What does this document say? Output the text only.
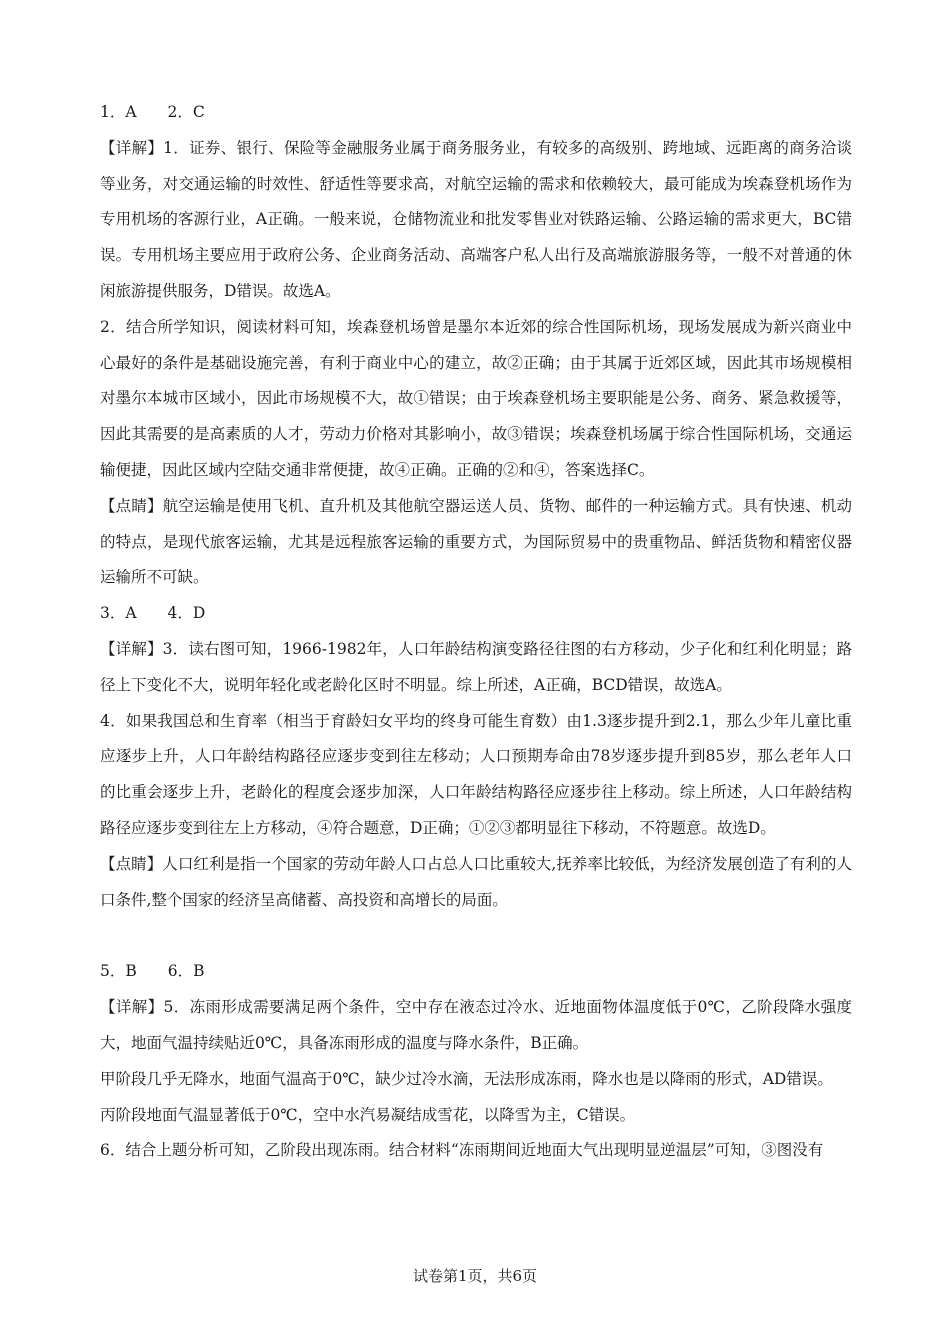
1．A　　2．C

【详解】1．证券、银行、保险等金融服务业属于商务服务业，有较多的高级别、跨地域、远距离的商务洽谈等业务，对交通运输的时效性、舒适性等要求高，对航空运输的需求和依赖较大，最可能成为埃森登机场作为专用机场的客源行业，A正确。一般来说，仓储物流业和批发零售业对铁路运输、公路运输的需求更大，BC错误。专用机场主要应用于政府公务、企业商务活动、高端客户私人出行及高端旅游服务等，一般不对普通的休闲旅游提供服务，D错误。故选A。

2．结合所学知识，阅读材料可知，埃森登机场曾是墨尔本近郊的综合性国际机场，现场发展成为新兴商业中心最好的条件是基础设施完善，有利于商业中心的建立，故②正确；由于其属于近郊区域，因此其市场规模相对墨尔本城市区域小，因此市场规模不大，故①错误；由于埃森登机场主要职能是公务、商务、紧急救援等，因此其需要的是高素质的人才，劳动力价格对其影响小，故③错误；埃森登机场属于综合性国际机场，交通运输便捷，因此区域内空陆交通非常便捷，故④正确。正确的②和④，答案选择C。

【点睛】航空运输是使用飞机、直升机及其他航空器运送人员、货物、邮件的一种运输方式。具有快速、机动的特点，是现代旅客运输，尤其是远程旅客运输的重要方式，为国际贸易中的贵重物品、鲜活货物和精密仪器运输所不可缺。

3．A　　4．D

【详解】3．读右图可知，1966-1982年，人口年龄结构演变路径往图的右方移动，少子化和红利化明显；路径上下变化不大，说明年轻化或老龄化区时不明显。综上所述，A正确，BCD错误，故选A。

4．如果我国总和生育率（相当于育龄妇女平均的终身可能生育数）由1.3逐步提升到2.1，那么少年儿童比重应逐步上升，人口年龄结构路径应逐步变到往左移动；人口预期寿命由78岁逐步提升到85岁，那么老年人口的比重会逐步上升，老龄化的程度会逐步加深，人口年龄结构路径应逐步往上移动。综上所述，人口年龄结构路径应逐步变到往左上方移动，④符合题意，D正确；①②③都明显往下移动，不符题意。故选D。

【点睛】人口红利是指一个国家的劳动年龄人口占总人口比重较大,抚养率比较低，为经济发展创造了有利的人口条件,整个国家的经济呈高储蓄、高投资和高增长的局面。

5．B　　6．B

【详解】5．冻雨形成需要满足两个条件，空中存在液态过冷水、近地面物体温度低于0℃，乙阶段降水强度大，地面气温持续贴近0℃，具备冻雨形成的温度与降水条件，B正确。

甲阶段几乎无降水，地面气温高于0℃，缺少过冷水滴，无法形成冻雨，降水也是以降雨的形式，AD错误。

丙阶段地面气温显著低于0℃，空中水汽易凝结成雪花，以降雪为主，C错误。

6．结合上题分析可知，乙阶段出现冻雨。结合材料“冻雨期间近地面大气出现明显逆温层”可知，③图没有

试卷第1页，共6页
